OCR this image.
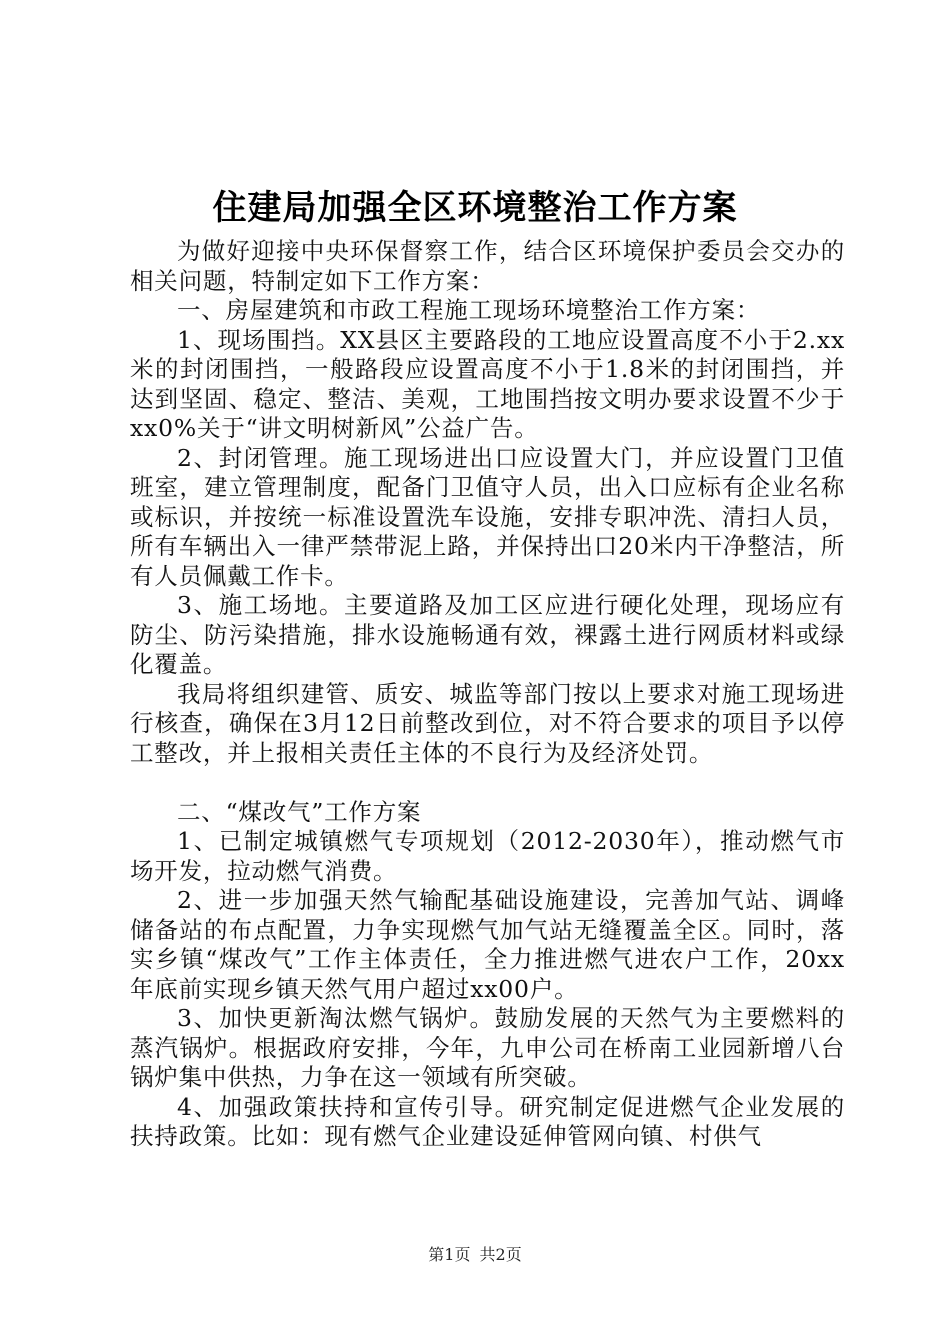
住建局加强全区环境整治工作方案

为做好迎接中央环保督察工作，结合区环境保护委员会交办的相关问题，特制定如下工作方案：

一、房屋建筑和市政工程施工现场环境整治工作方案：

1、现场围挡。XX县区主要路段的工地应设置高度不小于2.xx米的封闭围挡，一般路段应设置高度不小于1.8米的封闭围挡，并达到坚固、稳定、整洁、美观，工地围挡按文明办要求设置不少于xx0%关于“讲文明树新风”公益广告。

2、封闭管理。施工现场进出口应设置大门，并应设置门卫值班室，建立管理制度，配备门卫值守人员，出入口应标有企业名称或标识，并按统一标准设置洗车设施，安排专职冲洗、清扫人员，所有车辆出入一律严禁带泥上路，并保持出口20米内干净整洁，所有人员佩戴工作卡。

3、施工场地。主要道路及加工区应进行硬化处理，现场应有防尘、防污染措施，排水设施畅通有效，裸露土进行网质材料或绿化覆盖。

我局将组织建管、质安、城监等部门按以上要求对施工现场进行核查，确保在3月12日前整改到位，对不符合要求的项目予以停工整改，并上报相关责任主体的不良行为及经济处罚。

二、“煤改气”工作方案

1、已制定城镇燃气专项规划（2012-2030年），推动燃气市场开发，拉动燃气消费。

2、进一步加强天然气输配基础设施建设，完善加气站、调峰储备站的布点配置，力争实现燃气加气站无缝覆盖全区。同时，落实乡镇“煤改气”工作主体责任，全力推进燃气进农户工作，20xx年底前实现乡镇天然气用户超过xx00户。

3、加快更新淘汰燃气锅炉。鼓励发展的天然气为主要燃料的蒸汽锅炉。根据政府安排，今年，九申公司在桥南工业园新增八台锅炉集中供热，力争在这一领域有所突破。

4、加强政策扶持和宣传引导。研究制定促进燃气企业发展的扶持政策。比如：现有燃气企业建设延伸管网向镇、村供气

第1页 共2页
